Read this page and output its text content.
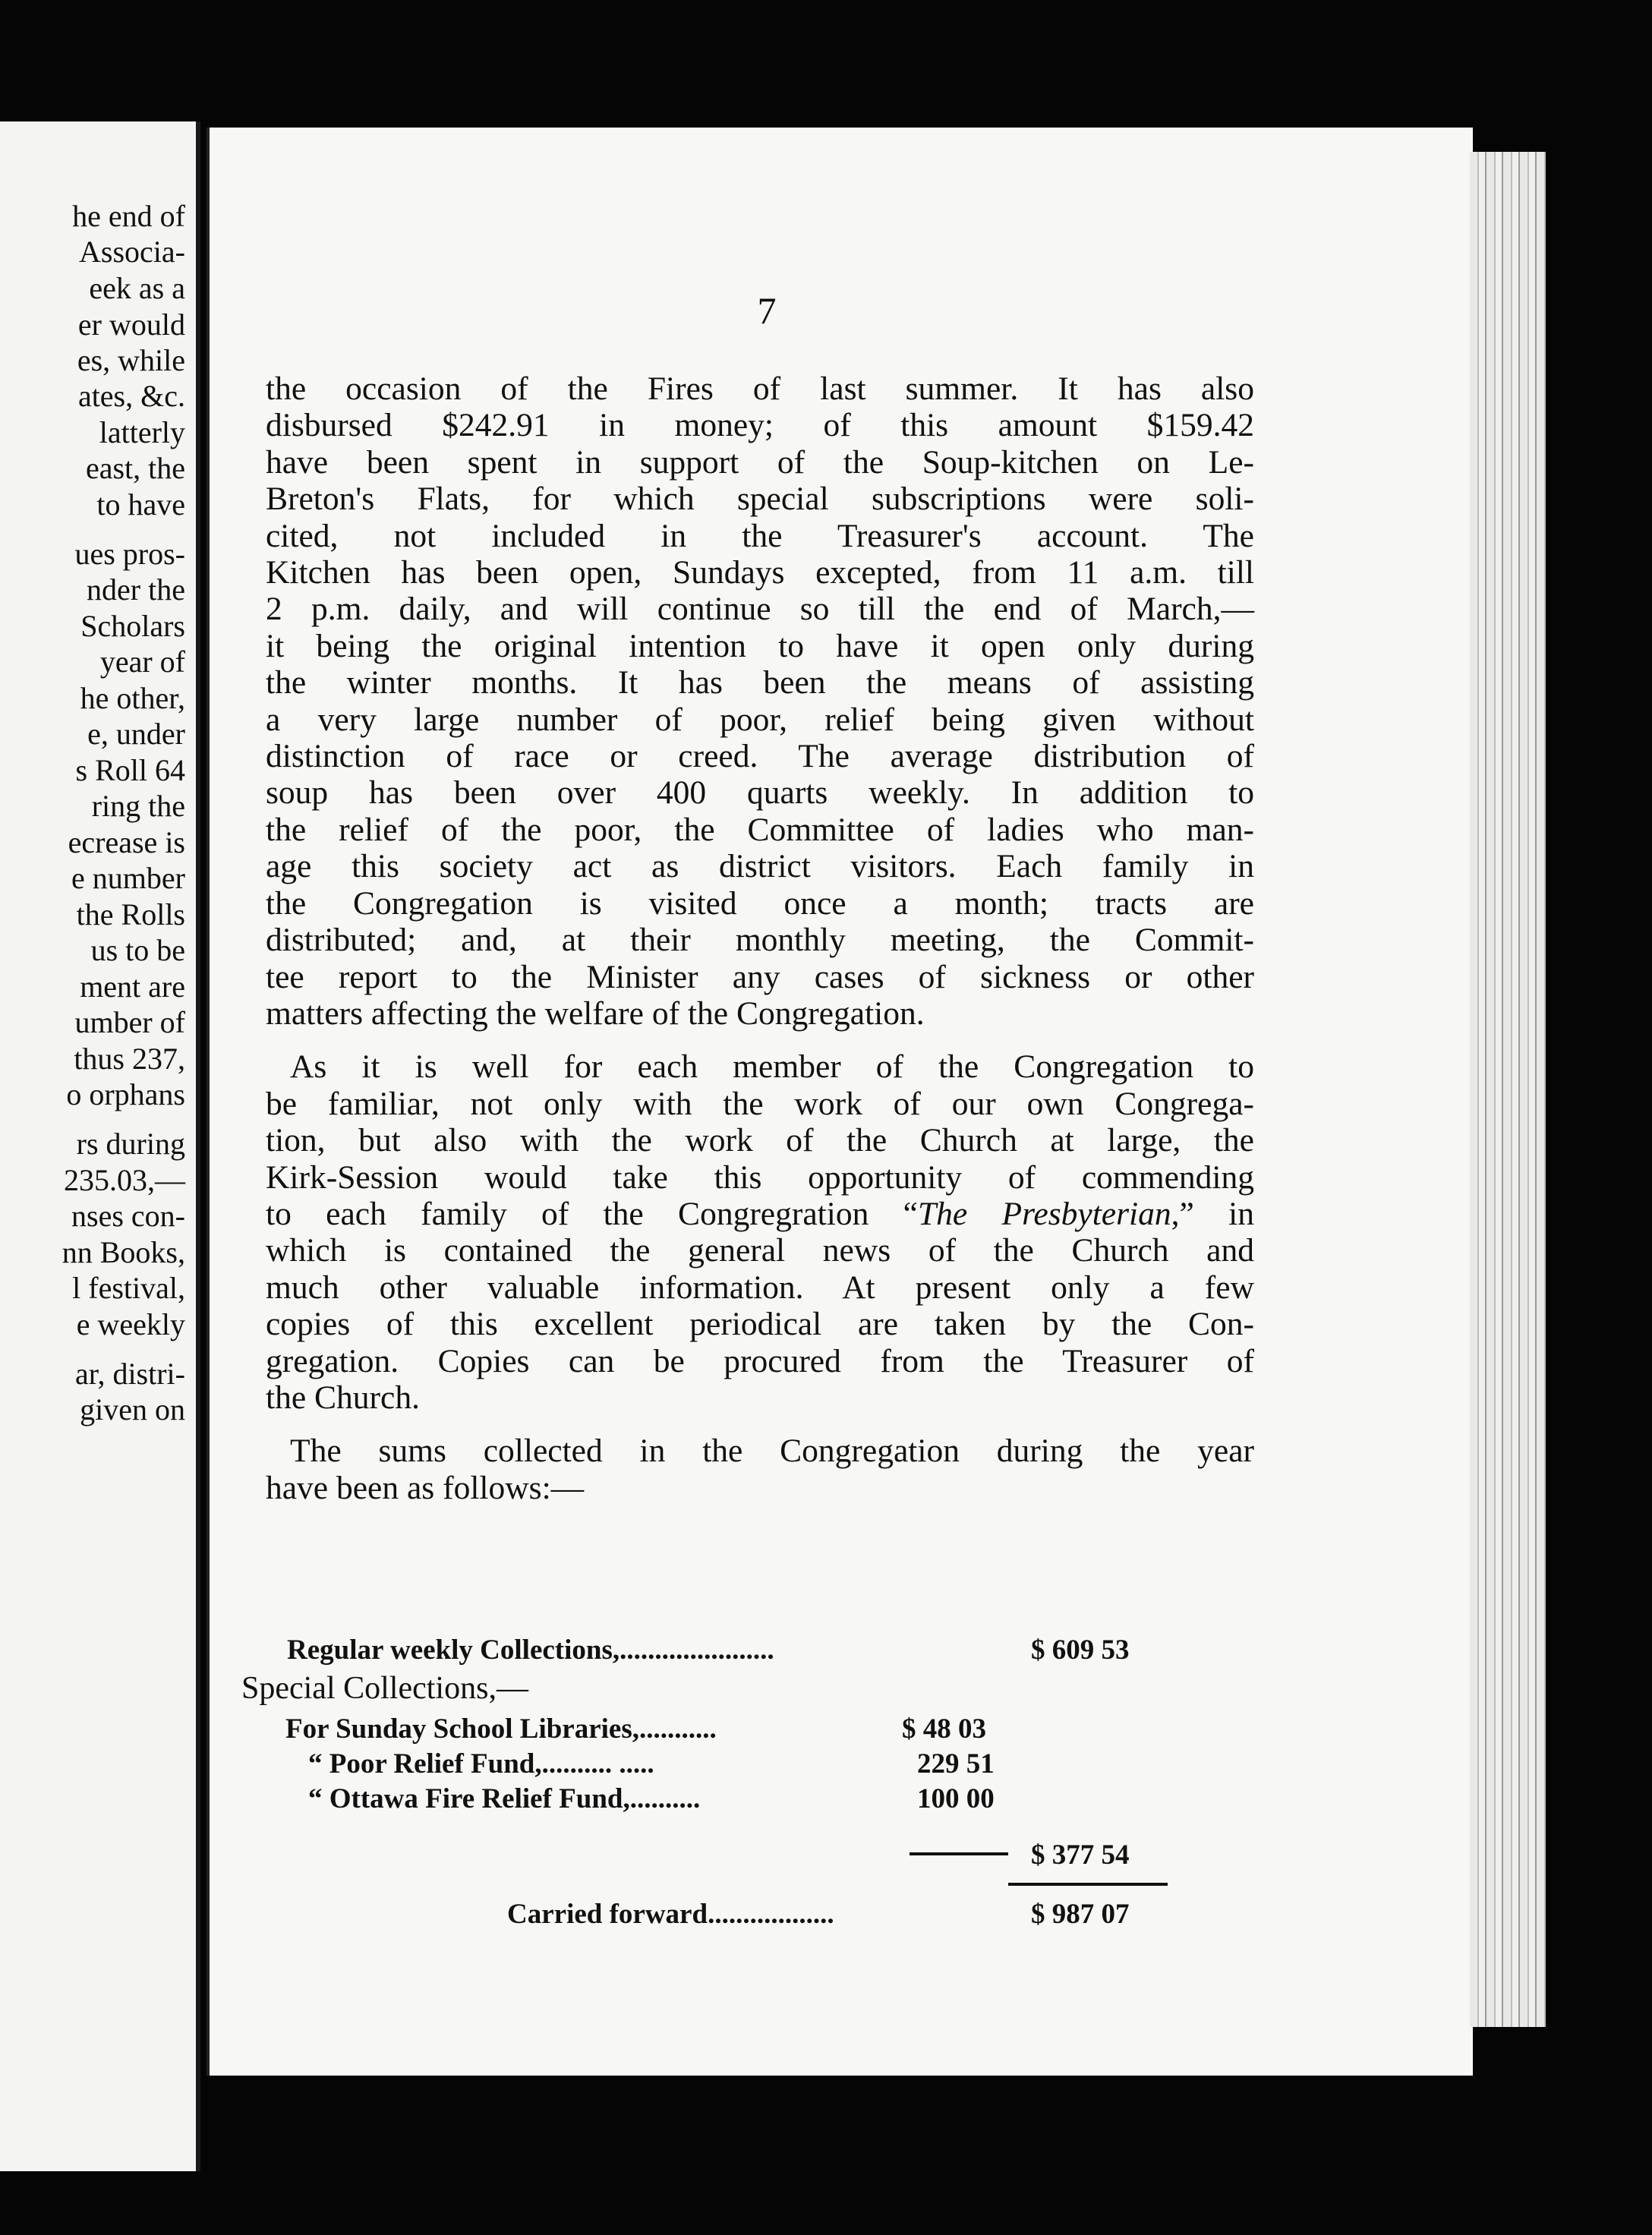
he end of
Associa-
eek as a
er would
es, while
ates, &c.
latterly
east, the
to have
ues pros-
nder the
Scholars
year of
he other,
e, under
s Roll 64
ring the
ecrease is
e number
the Rolls
us to be
ment are
umber of
thus 237,
o orphans
rs during
235.03,—
nses con-
nn Books,
l festival,
e weekly
ar, distri-
given on
7
the occasion of the Fires of last summer. It has also
disbursed $242.91 in money; of this amount $159.42
have been spent in support of the Soup-kitchen on Le-
Breton's Flats, for which special subscriptions were soli-
cited, not included in the Treasurer's account. The
Kitchen has been open, Sundays excepted, from 11 a.m. till
2 p.m. daily, and will continue so till the end of March,—
it being the original intention to have it open only during
the winter months. It has been the means of assisting
a very large number of poor, relief being given without
distinction of race or creed. The average distribution of
soup has been over 400 quarts weekly. In addition to
the relief of the poor, the Committee of ladies who man-
age this society act as district visitors. Each family in
the Congregation is visited once a month; tracts are
distributed; and, at their monthly meeting, the Commit-
tee report to the Minister any cases of sickness or other
matters affecting the welfare of the Congregation.
As it is well for each member of the Congregation to
be familiar, not only with the work of our own Congrega-
tion, but also with the work of the Church at large, the
Kirk-Session would take this opportunity of commending
to each family of the Congregration “The Presbyterian,” in
which is contained the general news of the Church and
much other valuable information. At present only a few
copies of this excellent periodical are taken by the Con-
gregation. Copies can be procured from the Treasurer of
the Church.
The sums collected in the Congregation during the year
have been as follows:—
Regular weekly Collections,......................	$ 609 53
Special Collections,—
For Sunday School Libraries,...........	$ 48 03
“ Poor Relief Fund,.......... .....	229 51
“ Ottawa Fire Relief Fund,..........	100 00
$ 377 54
Carried forward..................	$ 987 07
